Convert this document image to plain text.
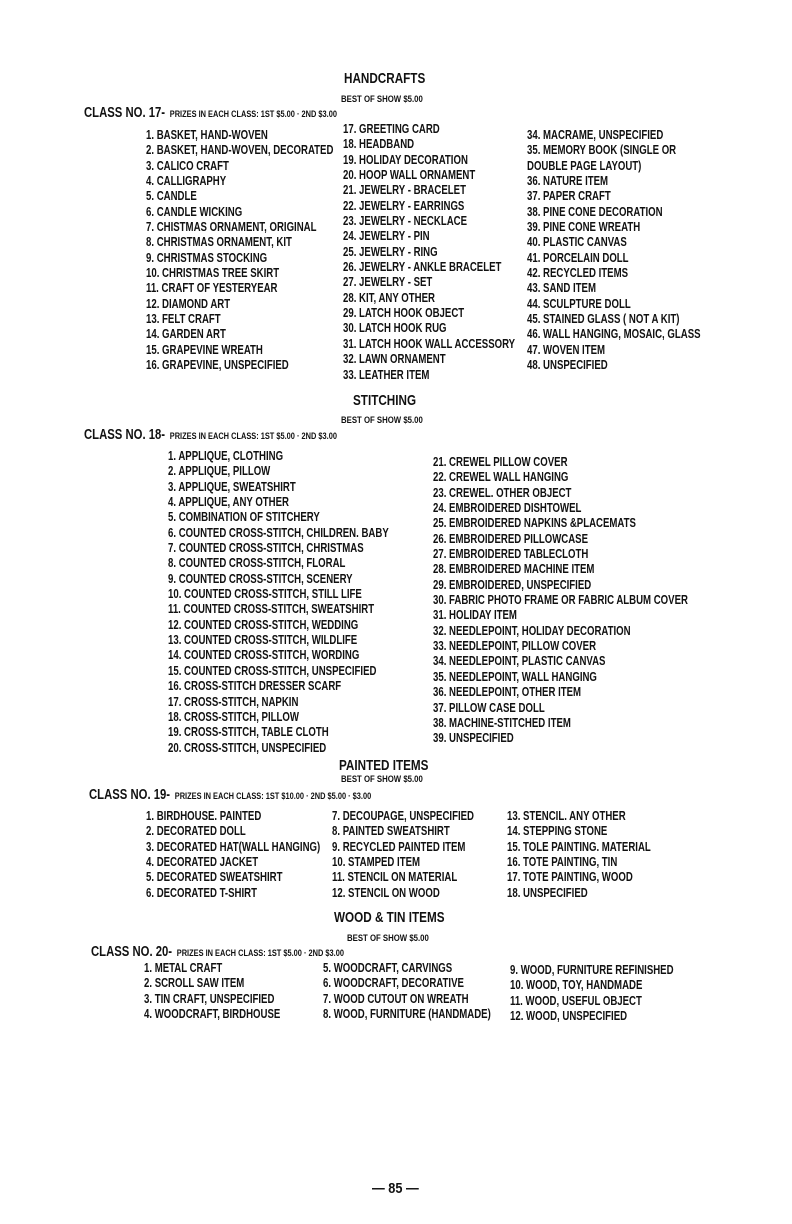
HANDCRAFTS
BEST OF SHOW $5.00
CLASS NO. 17- PRIZES IN EACH CLASS: 1ST $5.00 · 2ND $3.00
1. BASKET, HAND-WOVEN
2. BASKET, HAND-WOVEN, DECORATED
3. CALICO CRAFT
4. CALLIGRAPHY
5. CANDLE
6. CANDLE WICKING
7. CHISTMAS ORNAMENT, ORIGINAL
8. CHRISTMAS ORNAMENT, KIT
9. CHRISTMAS STOCKING
10. CHRISTMAS TREE SKIRT
11. CRAFT OF YESTERYEAR
12. DIAMOND ART
13. FELT CRAFT
14. GARDEN ART
15. GRAPEVINE WREATH
16. GRAPEVINE, UNSPECIFIED
17. GREETING CARD
18. HEADBAND
19. HOLIDAY DECORATION
20. HOOP WALL ORNAMENT
21. JEWELRY - BRACELET
22. JEWELRY - EARRINGS
23. JEWELRY - NECKLACE
24. JEWELRY - PIN
25. JEWELRY - RING
26. JEWELRY - ANKLE BRACELET
27. JEWELRY - SET
28. KIT, ANY OTHER
29. LATCH HOOK OBJECT
30. LATCH HOOK RUG
31. LATCH HOOK WALL ACCESSORY
32. LAWN ORNAMENT
33. LEATHER ITEM
34. MACRAME, UNSPECIFIED
35. MEMORY BOOK (SINGLE OR DOUBLE PAGE LAYOUT)
36. NATURE ITEM
37. PAPER CRAFT
38. PINE CONE DECORATION
39. PINE CONE WREATH
40. PLASTIC CANVAS
41. PORCELAIN DOLL
42. RECYCLED ITEMS
43. SAND ITEM
44. SCULPTURE DOLL
45. STAINED GLASS ( NOT A KIT)
46. WALL HANGING, MOSAIC, GLASS
47. WOVEN ITEM
48. UNSPECIFIED
STITCHING
BEST OF SHOW $5.00
CLASS NO. 18- PRIZES IN EACH CLASS: 1ST $5.00 · 2ND $3.00
1. APPLIQUE, CLOTHING
2. APPLIQUE, PILLOW
3. APPLIQUE, SWEATSHIRT
4. APPLIQUE, ANY OTHER
5. COMBINATION OF STITCHERY
6. COUNTED CROSS-STITCH, CHILDREN. BABY
7. COUNTED CROSS-STITCH, CHRISTMAS
8. COUNTED CROSS-STITCH, FLORAL
9. COUNTED CROSS-STITCH, SCENERY
10. COUNTED CROSS-STITCH, STILL LIFE
11. COUNTED CROSS-STITCH, SWEATSHIRT
12. COUNTED CROSS-STITCH, WEDDING
13. COUNTED CROSS-STITCH, WILDLIFE
14. COUNTED CROSS-STITCH, WORDING
15. COUNTED CROSS-STITCH, UNSPECIFIED
16. CROSS-STITCH DRESSER SCARF
17. CROSS-STITCH, NAPKIN
18. CROSS-STITCH, PILLOW
19. CROSS-STITCH, TABLE CLOTH
20. CROSS-STITCH, UNSPECIFIED
21. CREWEL PILLOW COVER
22. CREWEL WALL HANGING
23. CREWEL. OTHER OBJECT
24. EMBROIDERED DISHTOWEL
25. EMBROIDERED NAPKINS &PLACEMATS
26. EMBROIDERED PILLOWCASE
27. EMBROIDERED TABLECLOTH
28. EMBROIDERED MACHINE ITEM
29. EMBROIDERED, UNSPECIFIED
30. FABRIC PHOTO FRAME OR FABRIC ALBUM COVER
31. HOLIDAY ITEM
32. NEEDLEPOINT, HOLIDAY DECORATION
33. NEEDLEPOINT, PILLOW COVER
34. NEEDLEPOINT, PLASTIC CANVAS
35. NEEDLEPOINT, WALL HANGING
36. NEEDLEPOINT, OTHER ITEM
37. PILLOW CASE DOLL
38. MACHINE-STITCHED ITEM
39. UNSPECIFIED
PAINTED ITEMS
BEST OF SHOW $5.00
CLASS NO. 19- PRIZES IN EACH CLASS: 1ST $10.00 · 2ND $5.00 · $3.00
1. BIRDHOUSE. PAINTED
2. DECORATED DOLL
3. DECORATED HAT(WALL HANGING)
4. DECORATED JACKET
5. DECORATED SWEATSHIRT
6. DECORATED T-SHIRT
7. DECOUPAGE, UNSPECIFIED
8. PAINTED SWEATSHIRT
9. RECYCLED PAINTED ITEM
10. STAMPED ITEM
11. STENCIL ON MATERIAL
12. STENCIL ON WOOD
13. STENCIL. ANY OTHER
14. STEPPING STONE
15. TOLE PAINTING. MATERIAL
16. TOTE PAINTING, TIN
17. TOTE PAINTING, WOOD
18. UNSPECIFIED
WOOD & TIN ITEMS
BEST OF SHOW $5.00
CLASS NO. 20- PRIZES IN EACH CLASS: 1ST $5.00 · 2ND $3.00
1. METAL CRAFT
2. SCROLL SAW ITEM
3. TIN CRAFT, UNSPECIFIED
4. WOODCRAFT, BIRDHOUSE
5. WOODCRAFT, CARVINGS
6. WOODCRAFT, DECORATIVE
7. WOOD CUTOUT ON WREATH
8. WOOD, FURNITURE (HANDMADE)
9. WOOD, FURNITURE REFINISHED
10. WOOD, TOY, HANDMADE
11. WOOD, USEFUL OBJECT
12. WOOD, UNSPECIFIED
— 85 —
